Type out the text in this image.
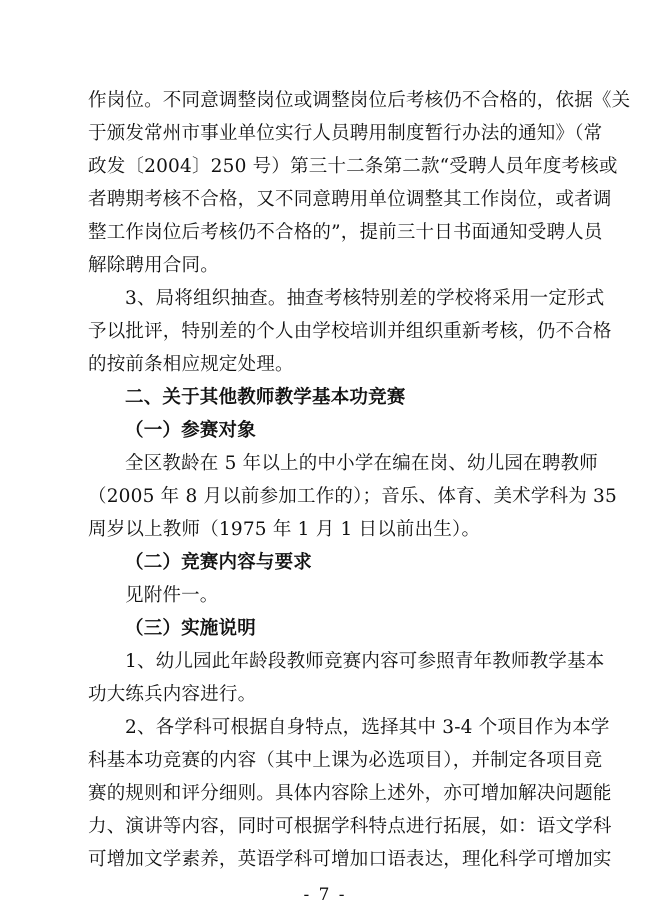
作岗位。不同意调整岗位或调整岗位后考核仍不合格的，依据《关
于颁发常州市事业单位实行人员聘用制度暂行办法的通知》（常
政发〔2004〕250 号）第三十二条第二款“受聘人员年度考核或
者聘期考核不合格，又不同意聘用单位调整其工作岗位，或者调
整工作岗位后考核仍不合格的”，提前三十日书面通知受聘人员
解除聘用合同。
3、局将组织抽查。抽查考核特别差的学校将采用一定形式
予以批评，特别差的个人由学校培训并组织重新考核，仍不合格
的按前条相应规定处理。
二、关于其他教师教学基本功竞赛
（一）参赛对象
全区教龄在 5 年以上的中小学在编在岗、幼儿园在聘教师
（2005 年 8 月以前参加工作的）；音乐、体育、美术学科为 35
周岁以上教师（1975 年 1 月 1 日以前出生）。
（二）竞赛内容与要求
见附件一。
（三）实施说明
1、幼儿园此年龄段教师竞赛内容可参照青年教师教学基本
功大练兵内容进行。
2、各学科可根据自身特点，选择其中 3-4 个项目作为本学
科基本功竞赛的内容（其中上课为必选项目），并制定各项目竞
赛的规则和评分细则。具体内容除上述外，亦可增加解决问题能
力、演讲等内容，同时可根据学科特点进行拓展，如：语文学科
可增加文学素养，英语学科可增加口语表达，理化科学可增加实
- 7 -
